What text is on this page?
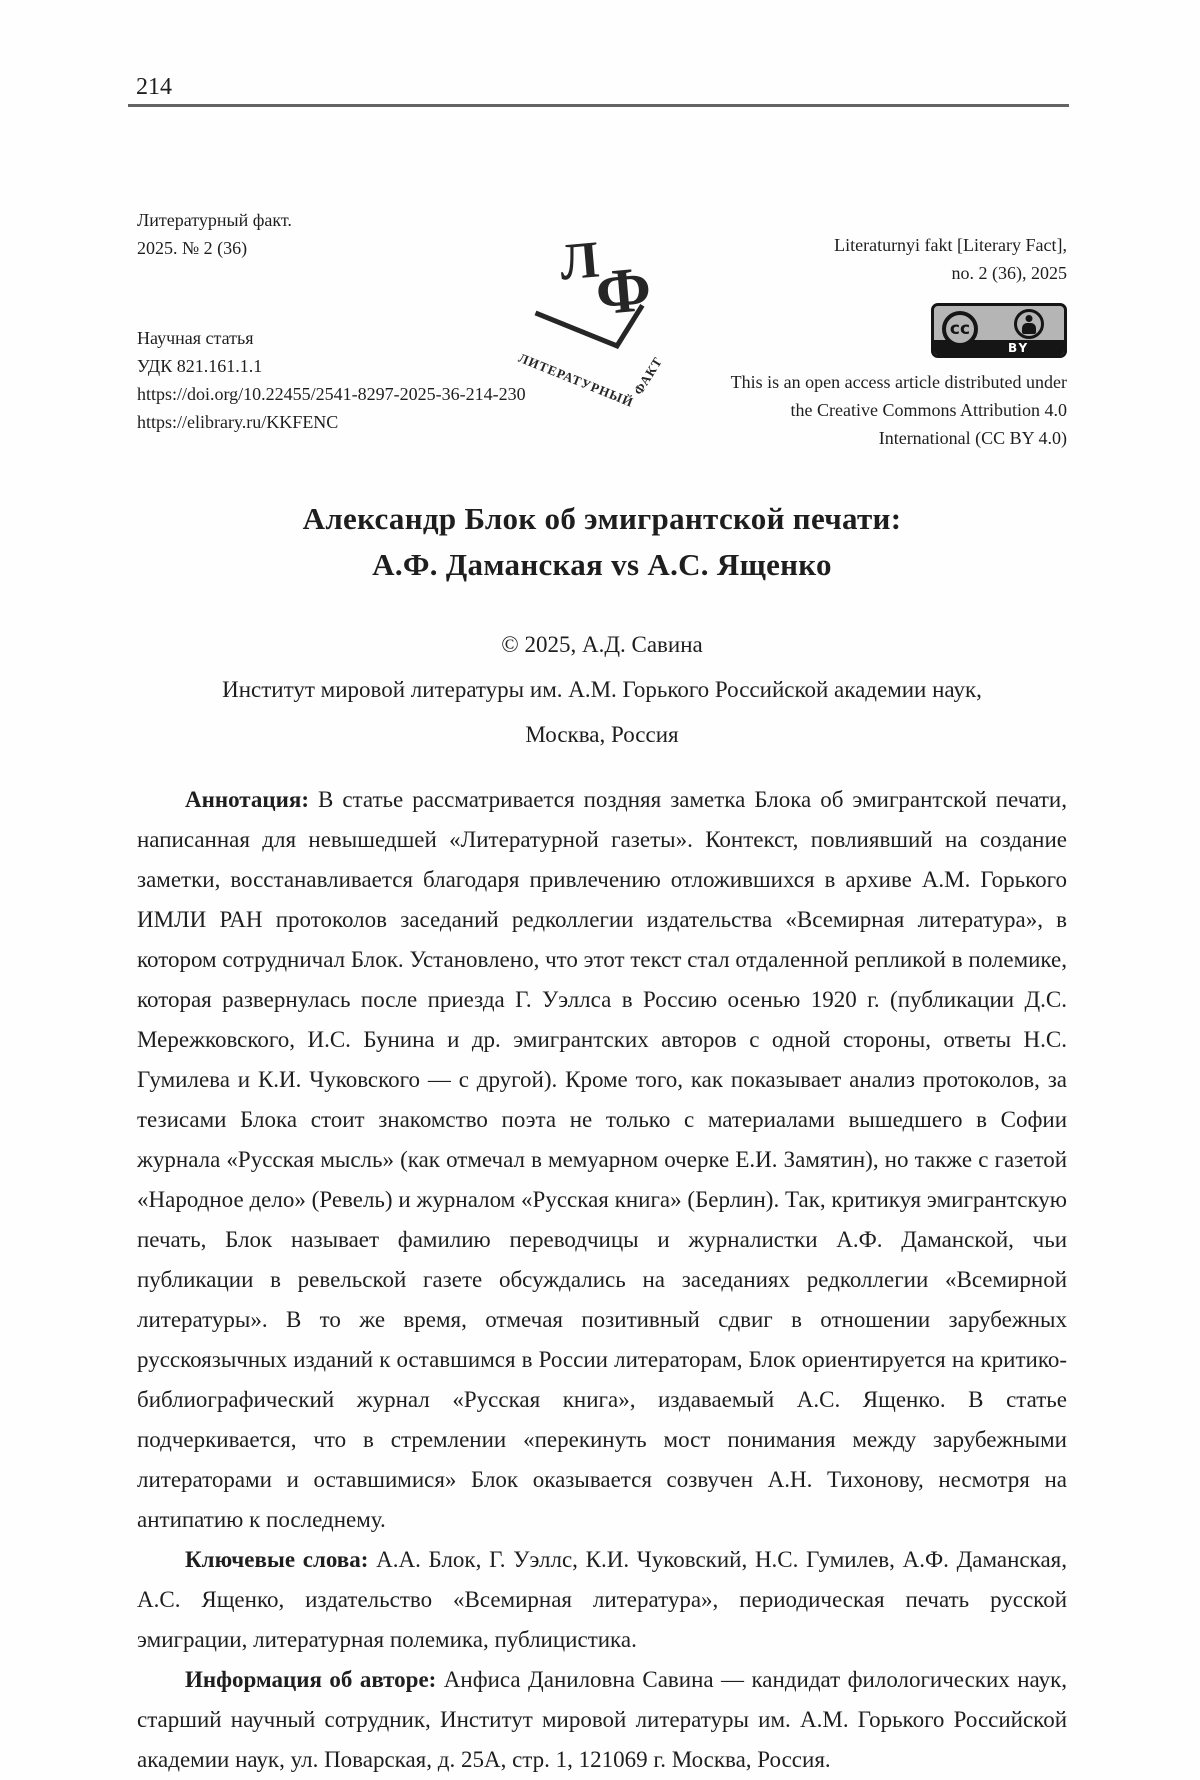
214
Литературный факт.
2025. № 2 (36)
Научная статья
УДК 821.161.1.1
https://doi.org/10.22455/2541-8297-2025-36-214-230
https://elibrary.ru/KKFENC
Л
Ф
ЛИТЕРАТУРНЫЙ
ФАКТ
Literaturnyi fakt [Literary Fact],
no. 2 (36), 2025
cc
BY
This is an open access article distributed under
the Creative Commons Attribution 4.0
International (CC BY 4.0)
Александр Блок об эмигрантской печати:
А.Ф. Даманская vs А.С. Ященко
© 2025, А.Д. Савина
Институт мировой литературы им. А.М. Горького Российской академии наук,
Москва, Россия

Аннотация: В статье рассматривается поздняя заметка Блока об эмигрантской печати, написанная для невышедшей «Литературной газеты». Контекст, повлиявший на создание заметки, восстанавливается благодаря привлечению отложившихся в архиве А.М. Горького ИМЛИ РАН протоколов заседаний редколлегии издательства «Всемирная литература», в котором сотрудничал Блок. Установлено, что этот текст стал отдаленной репликой в полемике, которая развернулась после приезда Г. Уэллса в Россию осенью 1920 г. (публикации Д.С. Мережковского, И.С. Бунина и др. эмигрантских авторов с одной стороны, ответы Н.С. Гумилева и К.И. Чуковского — с другой). Кроме того, как показывает анализ протоколов, за тезисами Блока стоит знакомство поэта не только с материалами вышедшего в Софии журнала «Русская мысль» (как отмечал в мемуарном очерке Е.И. Замятин), но также с газетой «Народное дело» (Ревель) и журналом «Русская книга» (Берлин). Так, критикуя эмигрантскую печать, Блок называет фамилию переводчицы и журналистки А.Ф. Даманской, чьи публикации в ревельской газете обсуждались на заседаниях редколлегии «Всемирной литературы». В то же время, отмечая позитивный сдвиг в отношении зарубежных русскоязычных изданий к оставшимся в России литераторам, Блок ориентируется на критико-библиографический журнал «Русская книга», издаваемый А.С. Ященко. В статье подчеркивается, что в стремлении «перекинуть мост понимания между зарубежными литераторами и оставшимися» Блок оказывается созвучен А.Н. Тихонову, несмотря на антипатию к последнему.

Ключевые слова: А.А. Блок, Г. Уэллс, К.И. Чуковский, Н.С. Гумилев, А.Ф. Даманская, А.С. Ященко, издательство «Всемирная литература», периодическая печать русской эмиграции, литературная полемика, публицистика.

Информация об авторе: Анфиса Даниловна Савина — кандидат филологических наук, старший научный сотрудник, Институт мировой литературы им. А.М. Горького Российской академии наук, ул. Поварская, д. 25А, стр. 1, 121069 г. Москва, Россия.
